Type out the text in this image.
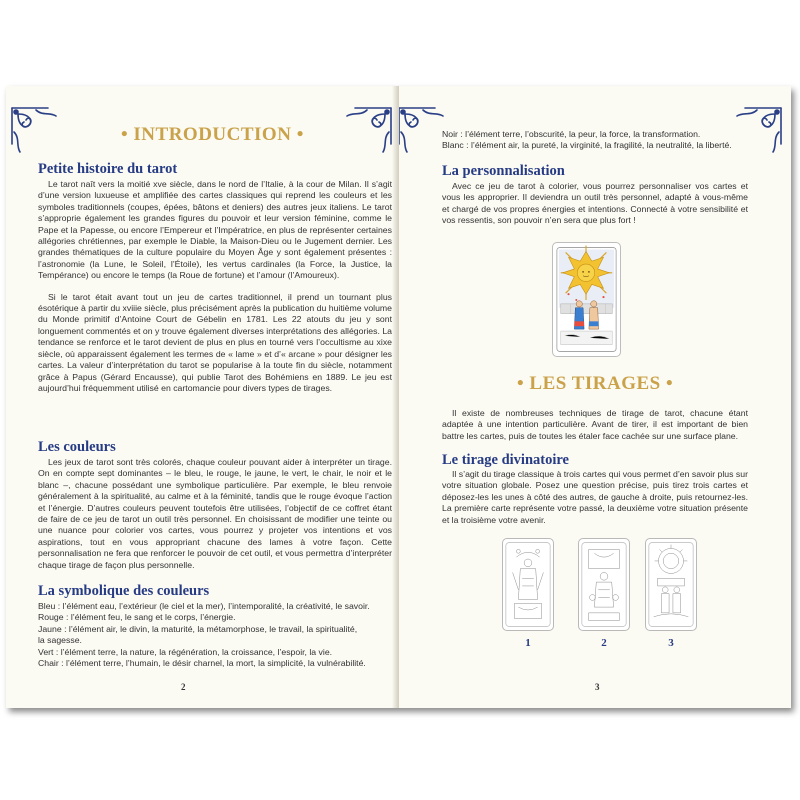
• INTRODUCTION •
Petite histoire du tarot

Le tarot naît vers la moitié xve siècle, dans le nord de l’Italie, à la cour de Milan. Il s’agit d’une version luxueuse et amplifiée des cartes classiques qui reprend les couleurs et les symboles traditionnels (coupes, épées, bâtons et deniers) des autres jeux italiens. Le tarot s’approprie également les grandes figures du pouvoir et leur version féminine, comme le Pape et la Papesse, ou encore l’Empereur et l’Impératrice, en plus de représenter certaines allégories chrétiennes, par exemple le Diable, la Maison-Dieu ou le Jugement dernier. Les grandes thématiques de la culture populaire du Moyen Âge y sont également présentes : l’astronomie (la Lune, le Soleil, l’Étoile), les vertus cardinales (la Force, la Justice, la Tempérance) ou encore le temps (la Roue de fortune) et l’amour (l’Amoureux).

Si le tarot était avant tout un jeu de cartes traditionnel, il prend un tournant plus ésotérique à partir du xviiie siècle, plus précisément après la publication du huitième volume du Monde primitif d’Antoine Court de Gébelin en 1781. Les 22 atouts du jeu y sont longuement commentés et on y trouve également diverses interprétations des allégories. La tendance se renforce et le tarot devient de plus en plus en tourné vers l’occultisme au xixe siècle, où apparaissent également les termes de « lame » et d’« arcane » pour désigner les cartes. La valeur d’interprétation du tarot se popularise à la toute fin du siècle, notamment grâce à Papus (Gérard Encausse), qui publie Tarot des Bohémiens en 1889. Le jeu est aujourd’hui fréquemment utilisé en cartomancie pour divers types de tirages.

Les couleurs

Les jeux de tarot sont très colorés, chaque couleur pouvant aider à interpréter un tirage. On en compte sept dominantes – le bleu, le rouge, le jaune, le vert, le chair, le noir et le blanc –, chacune possédant une symbolique particulière. Par exemple, le bleu renvoie généralement à la spiritualité, au calme et à la féminité, tandis que le rouge évoque l’action et l’énergie. D’autres couleurs peuvent toutefois être utilisées, l’objectif de ce coffret étant de faire de ce jeu de tarot un outil très personnel. En choisissant de modifier une teinte ou une nuance pour colorier vos cartes, vous pourrez y projeter vos intentions et vos aspirations, tout en vous appropriant chacune des lames à votre façon. Cette personnalisation ne fera que renforcer le pouvoir de cet outil, et vous permettra d’interpréter chaque tirage de façon plus personnelle.

La symbolique des couleurs
Bleu : l’élément eau, l’extérieur (le ciel et la mer), l’intemporalité, la créativité, le savoir.
Rouge : l’élément feu, le sang et le corps, l’énergie.
Jaune : l’élément air, le divin, la maturité, la métamorphose, le travail, la spiritualité,
la sagesse.
Vert : l’élément terre, la nature, la régénération, la croissance, l’espoir, la vie.
Chair : l’élément terre, l’humain, le désir charnel, la mort, la simplicité, la vulnérabilité.
2
Noir : l’élément terre, l’obscurité, la peur, la force, la transformation.
Blanc : l’élément air, la pureté, la virginité, la fragilité, la neutralité, la liberté.
La personnalisation

Avec ce jeu de tarot à colorier, vous pourrez personnaliser vos cartes et vous les approprier. Il deviendra un outil très personnel, adapté à vous-même et chargé de vos propres énergies et intentions. Connecté à votre sensibilité et vos ressentis, son pouvoir n’en sera que plus fort !

• LES TIRAGES •

Il existe de nombreuses techniques de tirage de tarot, chacune étant adaptée à une intention particulière. Avant de tirer, il est important de bien battre les cartes, puis de toutes les étaler face cachée sur une surface plane.

Le tirage divinatoire

Il s’agit du tirage classique à trois cartes qui vous permet d’en savoir plus sur votre situation globale. Posez une question précise, puis tirez trois cartes et déposez-les les unes à côté des autres, de gauche à droite, puis retournez-les. La première carte représente votre passé, la deuxième votre situation présente et la troisième votre avenir.

1	2	3
3
